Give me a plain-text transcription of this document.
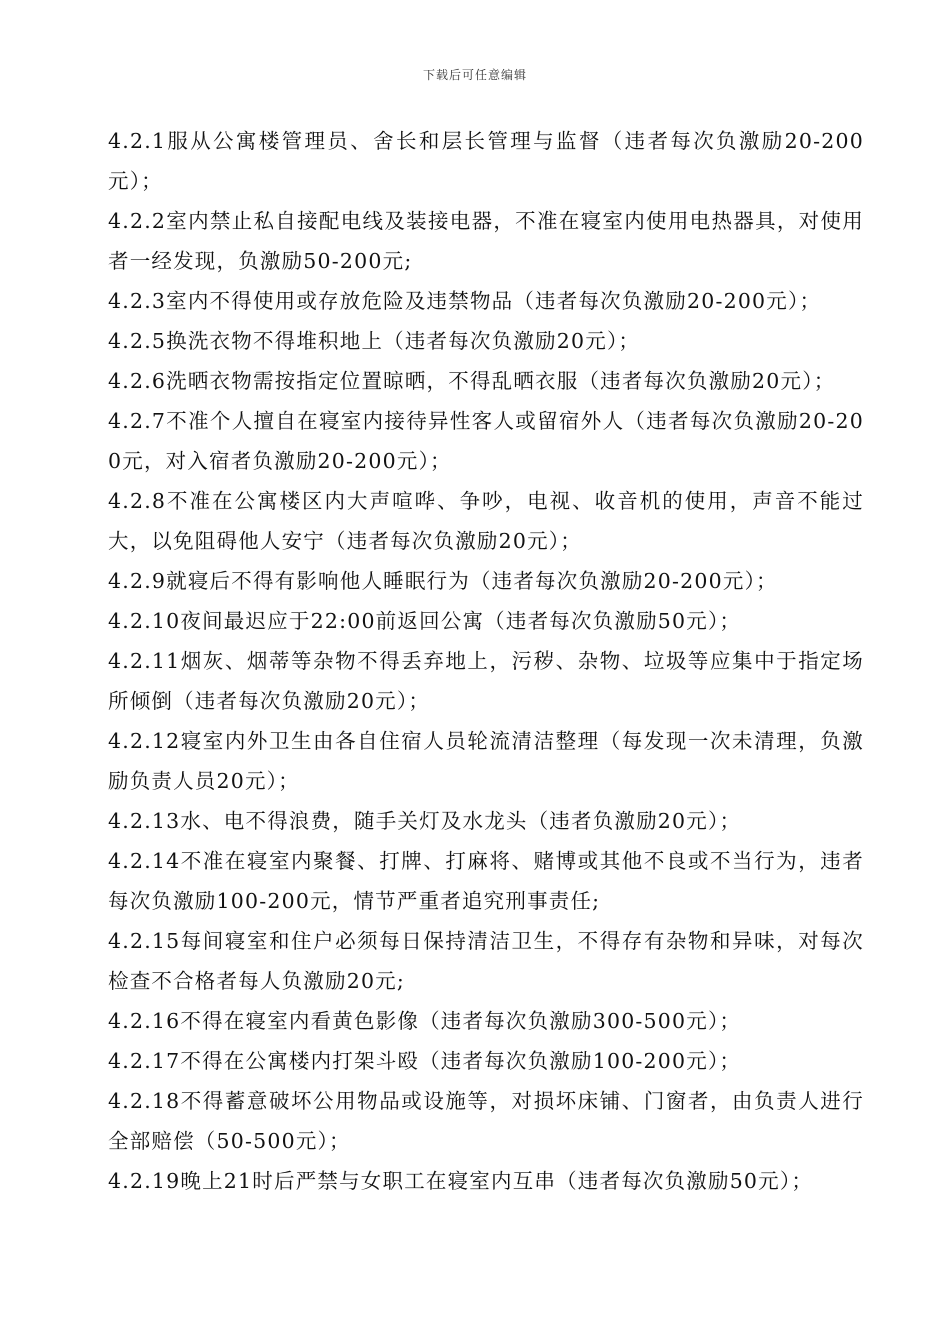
下载后可任意编辑

4.2.1服从公寓楼管理员、舍长和层长管理与监督（违者每次负激励20-200元）；

4.2.2室内禁止私自接配电线及装接电器，不准在寝室内使用电热器具，对使用者一经发现，负激励50-200元;

4.2.3室内不得使用或存放危险及违禁物品（违者每次负激励20-200元）；

4.2.5换洗衣物不得堆积地上（违者每次负激励20元）；

4.2.6洗晒衣物需按指定位置晾晒，不得乱晒衣服（违者每次负激励20元）；

4.2.7不准个人擅自在寝室内接待异性客人或留宿外人（违者每次负激励20-200元，对入宿者负激励20-200元）；

4.2.8不准在公寓楼区内大声喧哗、争吵，电视、收音机的使用，声音不能过大，以免阻碍他人安宁（违者每次负激励20元）；

4.2.9就寝后不得有影响他人睡眠行为（违者每次负激励20-200元）；

4.2.10夜间最迟应于22:00前返回公寓（违者每次负激励50元）；

4.2.11烟灰、烟蒂等杂物不得丢弃地上，污秽、杂物、垃圾等应集中于指定场所倾倒（违者每次负激励20元）；

4.2.12寝室内外卫生由各自住宿人员轮流清洁整理（每发现一次未清理，负激励负责人员20元）；

4.2.13水、电不得浪费，随手关灯及水龙头（违者负激励20元）；

4.2.14不准在寝室内聚餐、打牌、打麻将、赌博或其他不良或不当行为，违者每次负激励100-200元，情节严重者追究刑事责任;

4.2.15每间寝室和住户必须每日保持清洁卫生，不得存有杂物和异味，对每次检查不合格者每人负激励20元;

4.2.16不得在寝室内看黄色影像（违者每次负激励300-500元）；

4.2.17不得在公寓楼内打架斗殴（违者每次负激励100-200元）；

4.2.18不得蓄意破坏公用物品或设施等，对损坏床铺、门窗者，由负责人进行全部赔偿（50-500元）；

4.2.19晚上21时后严禁与女职工在寝室内互串（违者每次负激励50元）；
